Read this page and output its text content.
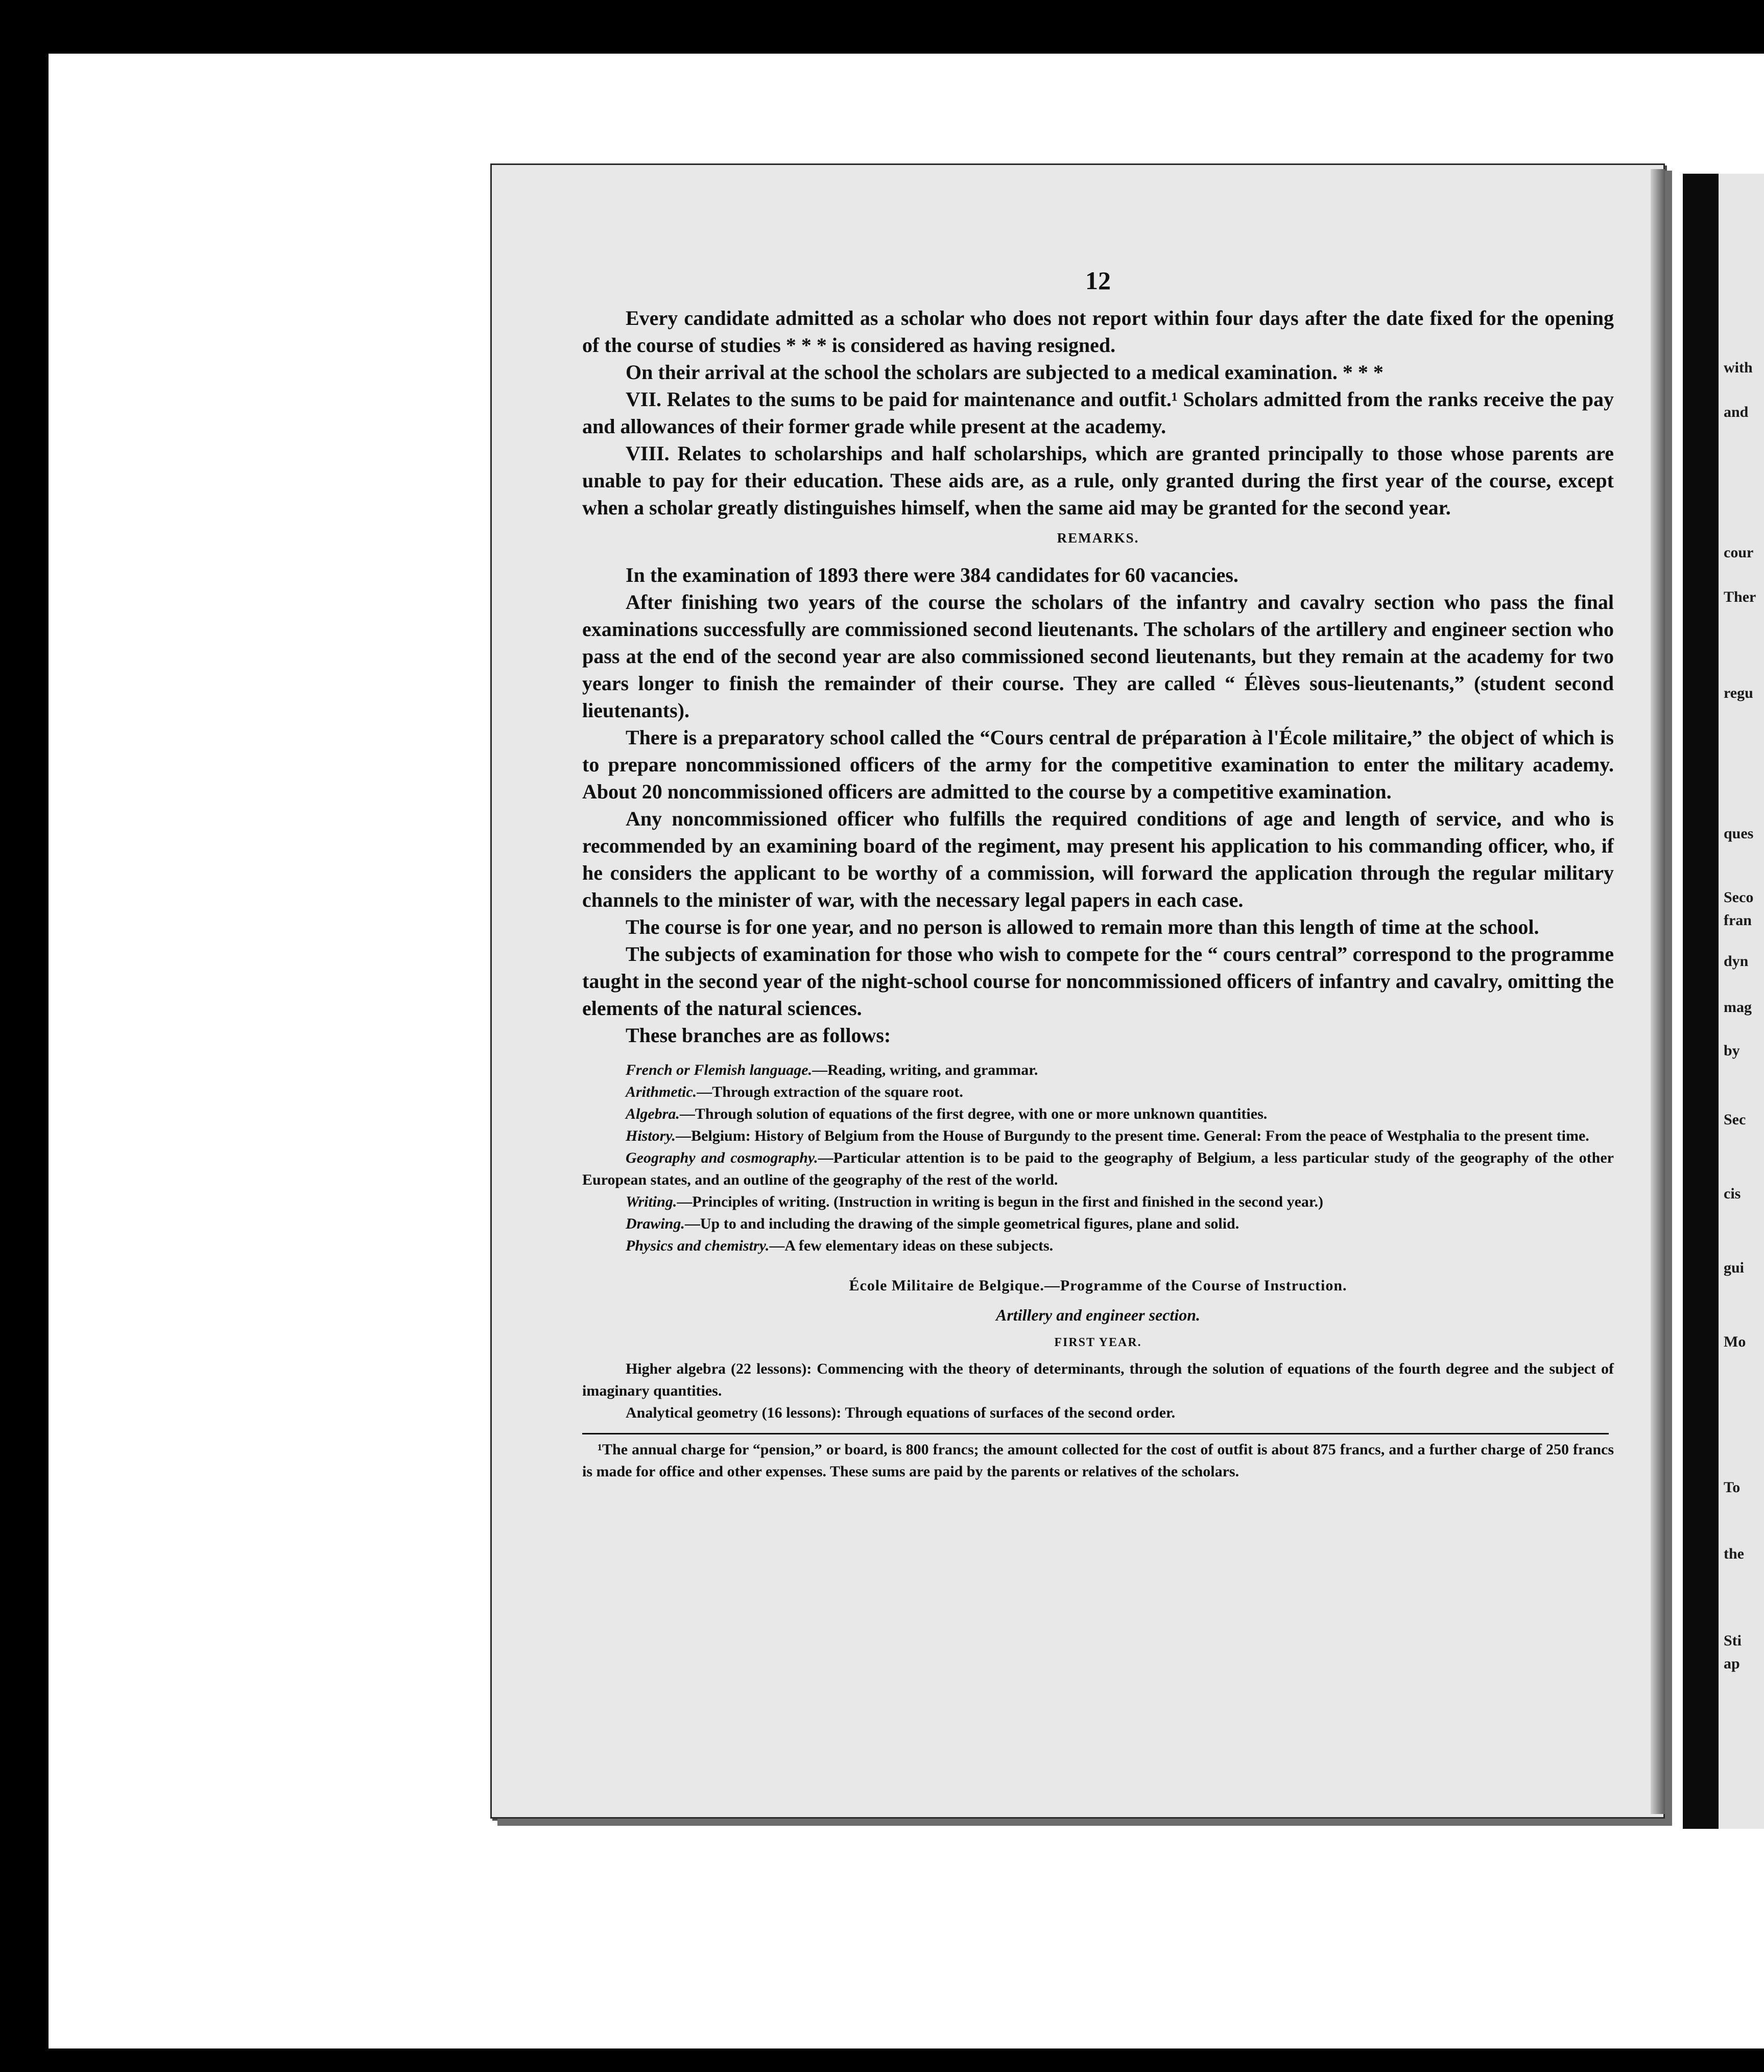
with
and
cour
Ther
regu
ques
Seco
fran
dyn
mag
by
Sec
cis
gui
Mo
To
the
Sti
ap
12

Every candidate admitted as a scholar who does not report within four days after the date fixed for the opening of the course of studies * * * is considered as having resigned.

On their arrival at the school the scholars are subjected to a medical examination. * * *

VII. Relates to the sums to be paid for maintenance and outfit.¹ Scholars admitted from the ranks receive the pay and allowances of their former grade while present at the academy.

VIII. Relates to scholarships and half scholarships, which are granted principally to those whose parents are unable to pay for their education. These aids are, as a rule, only granted during the first year of the course, except when a scholar greatly distinguishes himself, when the same aid may be granted for the second year.

REMARKS.

In the examination of 1893 there were 384 candidates for 60 vacancies.

After finishing two years of the course the scholars of the infantry and cavalry section who pass the final examinations successfully are commissioned second lieutenants. The scholars of the artillery and engineer section who pass at the end of the second year are also commissioned second lieutenants, but they remain at the academy for two years longer to finish the remainder of their course. They are called “ Élèves sous-lieutenants,” (student second lieutenants).

There is a preparatory school called the “Cours central de préparation à l'École militaire,” the object of which is to prepare noncommissioned officers of the army for the competitive examination to enter the military academy. About 20 noncommissioned officers are admitted to the course by a competitive examination.

Any noncommissioned officer who fulfills the required conditions of age and length of service, and who is recommended by an examining board of the regiment, may present his application to his commanding officer, who, if he considers the applicant to be worthy of a commission, will forward the application through the regular military channels to the minister of war, with the necessary legal papers in each case.

The course is for one year, and no person is allowed to remain more than this length of time at the school.

The subjects of examination for those who wish to compete for the “ cours central” correspond to the programme taught in the second year of the night-school course for noncommissioned officers of infantry and cavalry, omitting the elements of the natural sciences.

These branches are as follows:

French or Flemish language.—Reading, writing, and grammar.

Arithmetic.—Through extraction of the square root.

Algebra.—Through solution of equations of the first degree, with one or more unknown quantities.

History.—Belgium: History of Belgium from the House of Burgundy to the present time. General: From the peace of Westphalia to the present time.

Geography and cosmography.—Particular attention is to be paid to the geography of Belgium, a less particular study of the geography of the other European states, and an outline of the geography of the rest of the world.

Writing.—Principles of writing. (Instruction in writing is begun in the first and finished in the second year.)

Drawing.—Up to and including the drawing of the simple geometrical figures, plane and solid.

Physics and chemistry.—A few elementary ideas on these subjects.

École Militaire de Belgique.—Programme of the Course of Instruction.
Artillery and engineer section.
FIRST YEAR.

Higher algebra (22 lessons): Commencing with the theory of determinants, through the solution of equations of the fourth degree and the subject of imaginary quantities.

Analytical geometry (16 lessons): Through equations of surfaces of the second order.

¹The annual charge for “pension,” or board, is 800 francs; the amount collected for the cost of outfit is about 875 francs, and a further charge of 250 francs is made for office and other expenses. These sums are paid by the parents or relatives of the scholars.
